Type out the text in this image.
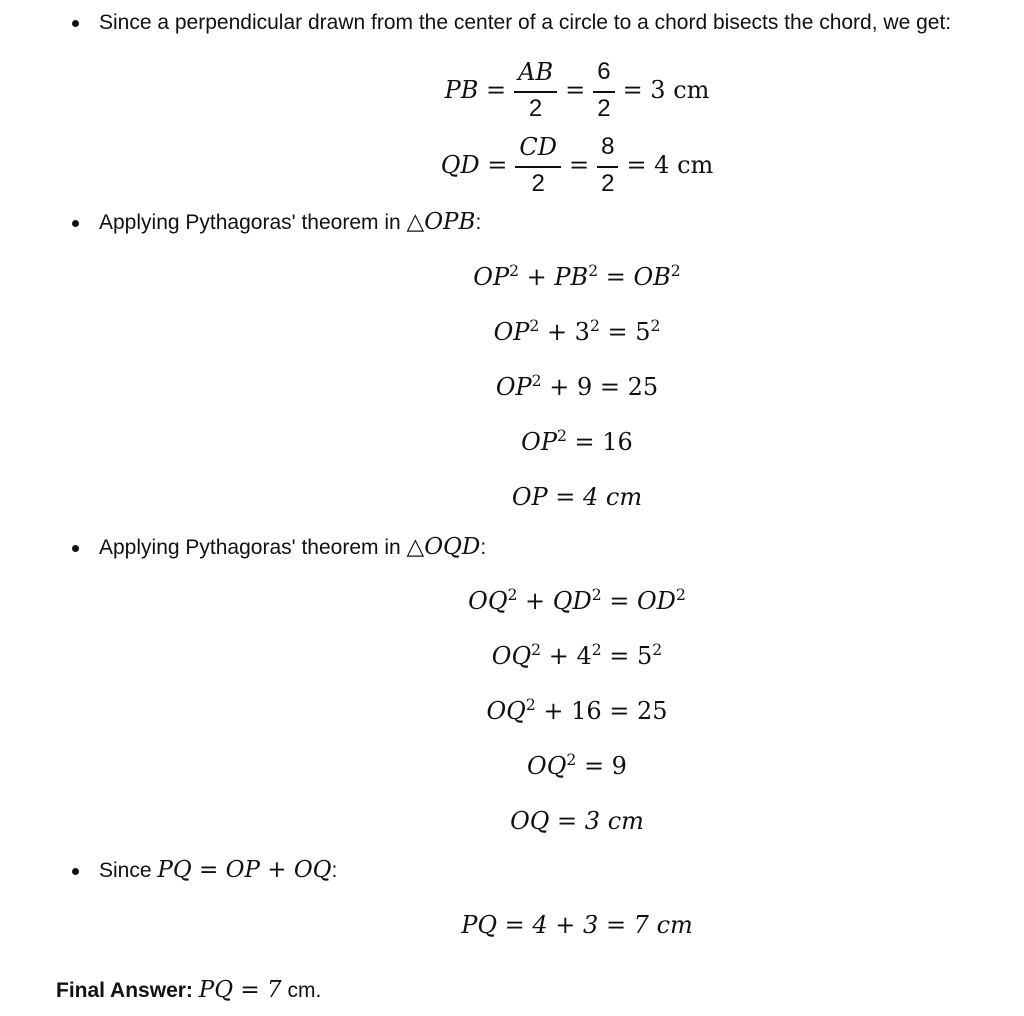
Since a perpendicular drawn from the center of a circle to a chord bisects the chord, we get:
PB = $\frac{AB}{2} = \frac{6}{2} = 3$ cm
QD = $\frac{CD}{2} = \frac{8}{2} = 4$ cm
Applying Pythagoras' theorem in △OPB:
$OP^2 + PB^2 = OB^2$
$OP^2 + 3^2 = 5^2$
$OP^2 + 9 = 25$
$OP^2 = 16$
OP = 4 cm
Applying Pythagoras' theorem in △OQD:
$OQ^2 + QD^2 = OD^2$
$OQ^2 + 4^2 = 5^2$
$OQ^2 + 16 = 25$
$OQ^2 = 9$
OQ = 3 cm
Since PQ = OP + OQ:
PQ = 4 + 3 = 7 cm
Final Answer: PQ = 7 cm.
